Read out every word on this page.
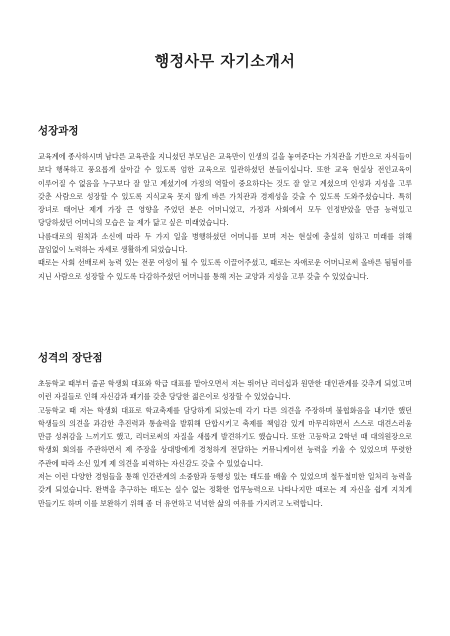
행정사무 자기소개서
성장과정

교육계에 종사하시며 남다른 교육관을 지니셨던 부모님은 교육만이 인생의 길을 놓여준다는 가치관을 기반으로 자식들이 보다 행복하고 풍요롭게 살아갈 수 있도록 엄한 교육으로 일관하셨던 분들이십니다. 또한 교육 현실상 전인교육이 이루어질 수 없음을 누구보다 잘 알고 계셨기에 가정의 역할이 중요하다는 것도 잘 알고 계셨으며 인성과 지성을 고루 갖춘 사람으로 성장할 수 있도록 지식교육 못지 않게 바른 가치관과 경제성을 갖출 수 있도록 도와주셨습니다. 특히 장녀로 태어난 제게 가장 큰 영향을 주었던 분은 어머니였고, 가정과 사회에서 모두 인정받았을 만큼 능력있고 당당하셨던 어머니의 모습은 늘 제가 닮고 싶은 미래였습니다.

나름대로의 원칙과 소신에 따라 두 가지 일을 병행하셨던 어머니를 보며 저는 현실에 충실히 임하고 미래를 위해 끊임없이 노력하는 자세로 생활하게 되었습니다.

때로는 사회 선배로써 능력 있는 전문 여성이 될 수 있도록 이끌어주셨고, 때로는 자애로운 어머니로써 올바른 됨됨이를 지닌 사람으로 성장할 수 있도록 다감하주셨던 어머니를 통해 저는 교양과 지성을 고루 갖출 수 있었습니다.

성격의 장단점

초등학교 때부터 줄곧 학생회 대표와 학급 대표를 맡아오면서 저는 뛰어난 리더십과 원만한 대인관계를 갖추게 되었고며 이런 자질들로 인해 자신감과 패기를 갖춘 당당한 젊은이로 성장할 수 있었습니다.

고등학교 때 저는 학생회 대표로 학교축제를 담당하게 되었는데 각기 다른 의견을 주장하며 불협화음을 내기만 했던 학생들의 의견을 과감한 추진력과 통솔력을 발휘해 단합시키고 축제를 책임감 있게 마무리하면서 스스로 대견스러움 만큼 성취감을 느끼기도 했고, 리더로써의 자질을 새롭게 발견하기도 했습니다. 또한 고등학교 2학년 때 대의원장으로 학생회 회의를 주관하면서 제 주장을 상대방에게 경청하게 전달하는 커뮤니케이션 능력을 키울 수 있었으며 뚜렷한 주관에 따라 소신 있게 제 의견을 피력하는 자신감도 갖출 수 있었습니다.

저는 이런 다양한 경험들을 통해 인간관계의 소중함과 동행성 있는 태도를 배울 수 있었으며 철두철미한 일처리 능력을 갖게 되었습니다. 완벽을 추구하는 태도는 실수 없는 정확한 업무능력으로 나타나지만 때로는 제 자신을 쉽게 지치게 만들기도 하며 이를 보완하기 위해 좀 더 유연하고 넉넉한 삶의 여유를 가지려고 노력합니다.
